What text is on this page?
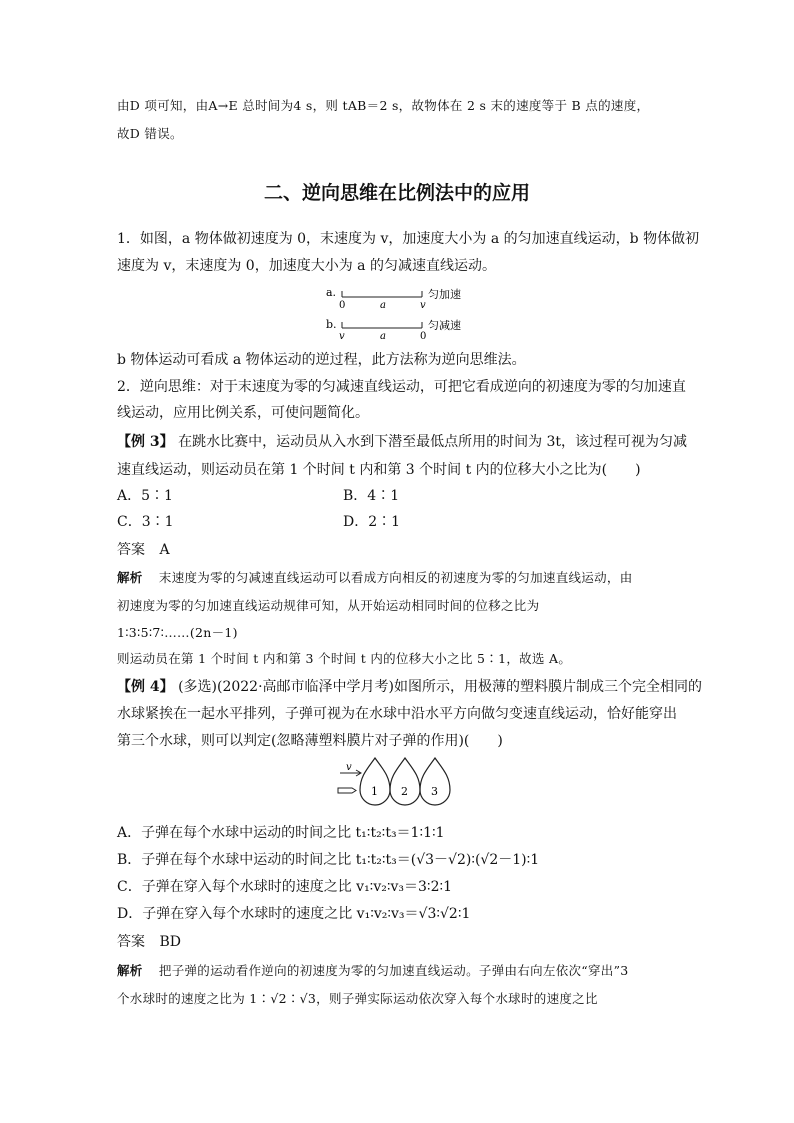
由D 项可知，由A→E 总时间为4 s，则 tAB＝2 s，故物体在 2 s 末的速度等于 B 点的速度，
故D 错误。
二、逆向思维在比例法中的应用
1．如图，a 物体做初速度为 0，末速度为 v，加速度大小为 a 的匀加速直线运动，b 物体做初
速度为 v，末速度为 0，加速度大小为 a 的匀减速直线运动。
a.
0	a	v
匀加速
b.
v	a	0
匀减速
b 物体运动可看成 a 物体运动的逆过程，此方法称为逆向思维法。
2．逆向思维：对于末速度为零的匀减速直线运动，可把它看成逆向的初速度为零的匀加速直
线运动，应用比例关系，可使问题简化。
【例 3】 在跳水比赛中，运动员从入水到下潜至最低点所用的时间为 3t，该过程可视为匀减
速直线运动，则运动员在第 1 个时间 t 内和第 3 个时间 t 内的位移大小之比为(　　)
A．5∶1	B．4∶1
C．3∶1	D．2∶1
答案 A
解析 末速度为零的匀减速直线运动可以看成方向相反的初速度为零的匀加速直线运动，由
初速度为零的匀加速直线运动规律可知，从开始运动相同时间的位移之比为
1∶3∶5∶7∶……(2n－1)
则运动员在第 1 个时间 t 内和第 3 个时间 t 内的位移大小之比 5∶1，故选 A。
【例 4】 (多选)(2022·高邮市临泽中学月考)如图所示，用极薄的塑料膜片制成三个完全相同的
水球紧挨在一起水平排列，子弹可视为在水球中沿水平方向做匀变速直线运动，恰好能穿出
第三个水球，则可以判定(忽略薄塑料膜片对子弹的作用)(　　)
v
1 2 3
A．子弹在每个水球中运动的时间之比 t₁∶t₂∶t₃＝1∶1∶1
B．子弹在每个水球中运动的时间之比 t₁∶t₂∶t₃＝(√3－√2)∶(√2－1)∶1
C．子弹在穿入每个水球时的速度之比 v₁∶v₂∶v₃＝3∶2∶1
D．子弹在穿入每个水球时的速度之比 v₁∶v₂∶v₃＝√3∶√2∶1
答案 BD
解析 把子弹的运动看作逆向的初速度为零的匀加速直线运动。子弹由右向左依次“穿出”3
个水球时的速度之比为 1∶√2∶√3，则子弹实际运动依次穿入每个水球时的速度之比
